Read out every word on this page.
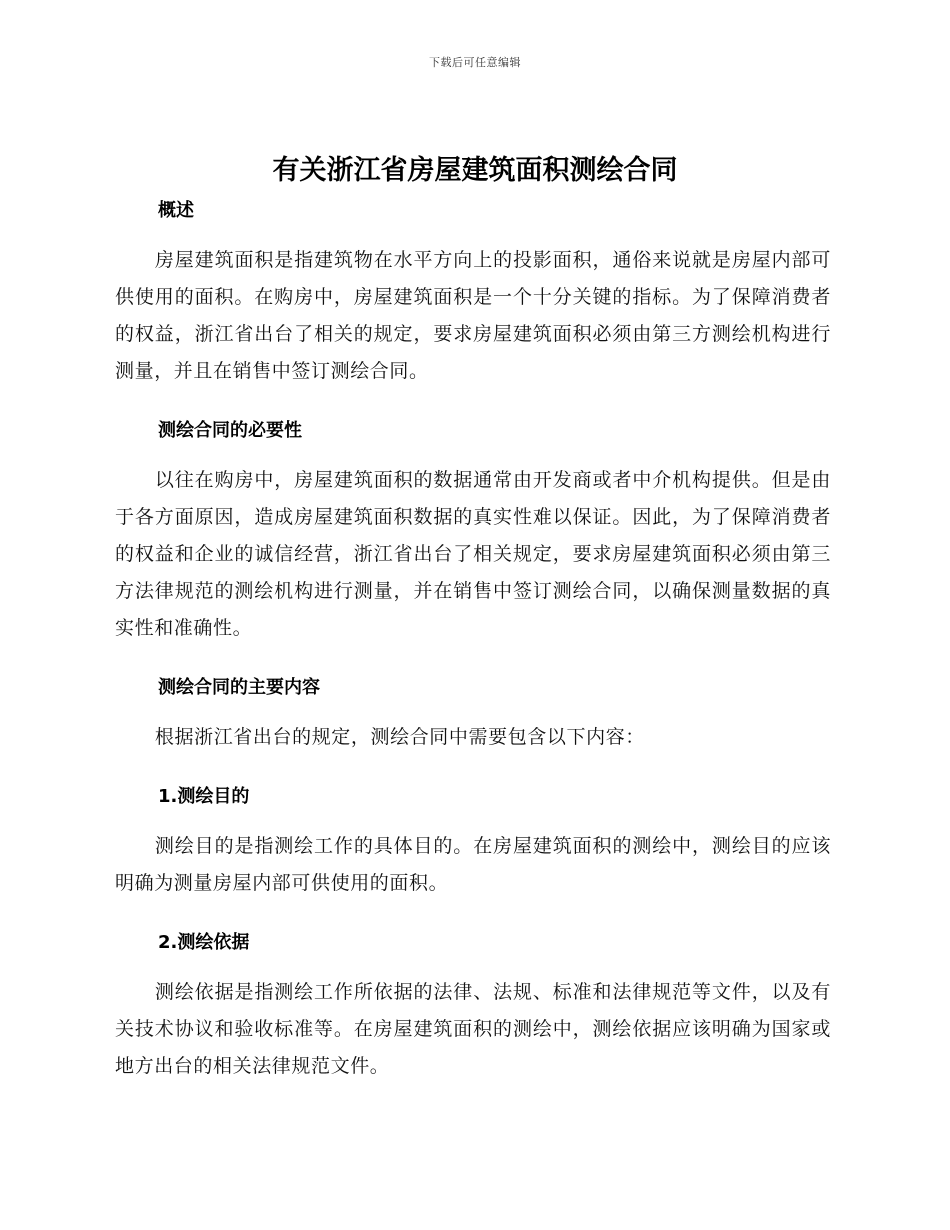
下载后可任意编辑
有关浙江省房屋建筑面积测绘合同
概述

房屋建筑面积是指建筑物在水平方向上的投影面积，通俗来说就是房屋内部可供使用的面积。在购房中，房屋建筑面积是一个十分关键的指标。为了保障消费者的权益，浙江省出台了相关的规定，要求房屋建筑面积必须由第三方测绘机构进行测量，并且在销售中签订测绘合同。

测绘合同的必要性

以往在购房中，房屋建筑面积的数据通常由开发商或者中介机构提供。但是由于各方面原因，造成房屋建筑面积数据的真实性难以保证。因此，为了保障消费者的权益和企业的诚信经营，浙江省出台了相关规定，要求房屋建筑面积必须由第三方法律规范的测绘机构进行测量，并在销售中签订测绘合同，以确保测量数据的真实性和准确性。

测绘合同的主要内容

根据浙江省出台的规定，测绘合同中需要包含以下内容：

1.测绘目的

测绘目的是指测绘工作的具体目的。在房屋建筑面积的测绘中，测绘目的应该明确为测量房屋内部可供使用的面积。

2.测绘依据

测绘依据是指测绘工作所依据的法律、法规、标准和法律规范等文件，以及有关技术协议和验收标准等。在房屋建筑面积的测绘中，测绘依据应该明确为国家或地方出台的相关法律规范文件。
